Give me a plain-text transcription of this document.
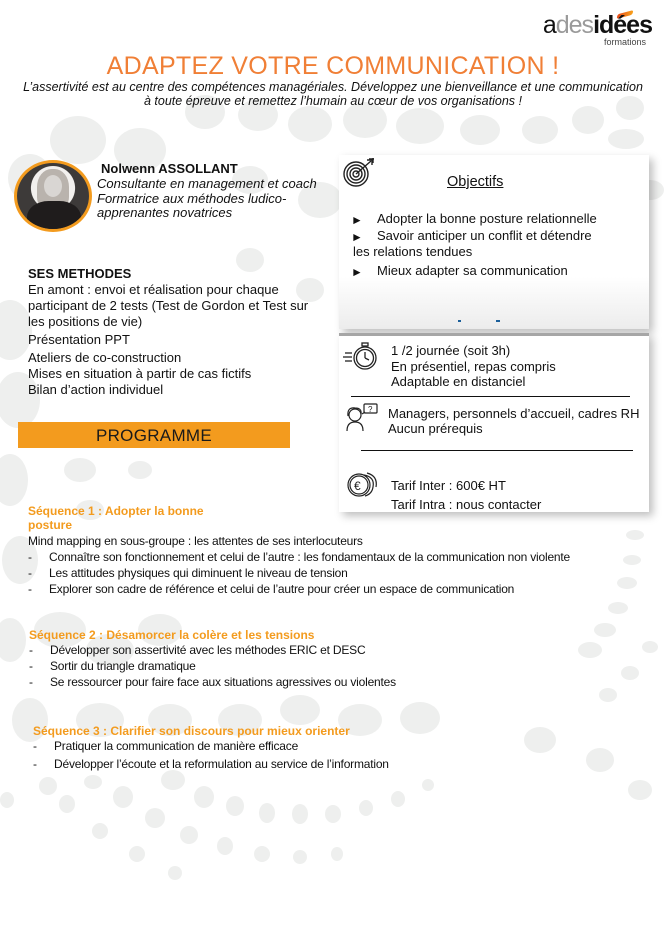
adesidées
formations
ADAPTEZ VOTRE COMMUNICATION !
L’assertivité est au centre des compétences managériales. Développez une bienveillance et une communication à toute épreuve et remettez l’humain au cœur de vos organisations !
Nolwenn ASSOLLANT
Consultante en management et coach
Formatrice aux méthodes ludico-
apprenantes novatrices
SES METHODES
En amont : envoi et réalisation pour chaque participant de 2 tests (Test de Gordon et Test sur les positions de vie)
Présentation PPT
Ateliers de co-construction
Mises en situation à partir de cas fictifs
Bilan d’action individuel
Objectifs
► Adopter la bonne posture relationnelle
► Savoir anticiper un conflit et détendre
les relations tendues
► Mieux adapter sa communication
1 /2 journée (soit 3h)
En présentiel, repas compris
Adaptable en distanciel
? Managers, personnels d’accueil, cadres RH
Aucun prérequis
€ Tarif Inter : 600€ HT
Tarif Intra : nous contacter
PROGRAMME
Séquence 1 : Adopter la bonne
posture
Mind mapping en sous-groupe : les attentes de ses interlocuteurs
- Connaître son fonctionnement et celui de l’autre : les fondamentaux de la communication non violente
- Les attitudes physiques qui diminuent le niveau de tension
- Explorer son cadre de référence et celui de l’autre pour créer un espace de communication
Séquence 2 : Désamorcer la colère et les tensions
- Développer son assertivité avec les méthodes ERIC et DESC
- Sortir du triangle dramatique
- Se ressourcer pour faire face aux situations agressives ou violentes
Séquence 3 : Clarifier son discours pour mieux orienter
- Pratiquer la communication de manière efficace
- Développer l’écoute et la reformulation au service de l’information
